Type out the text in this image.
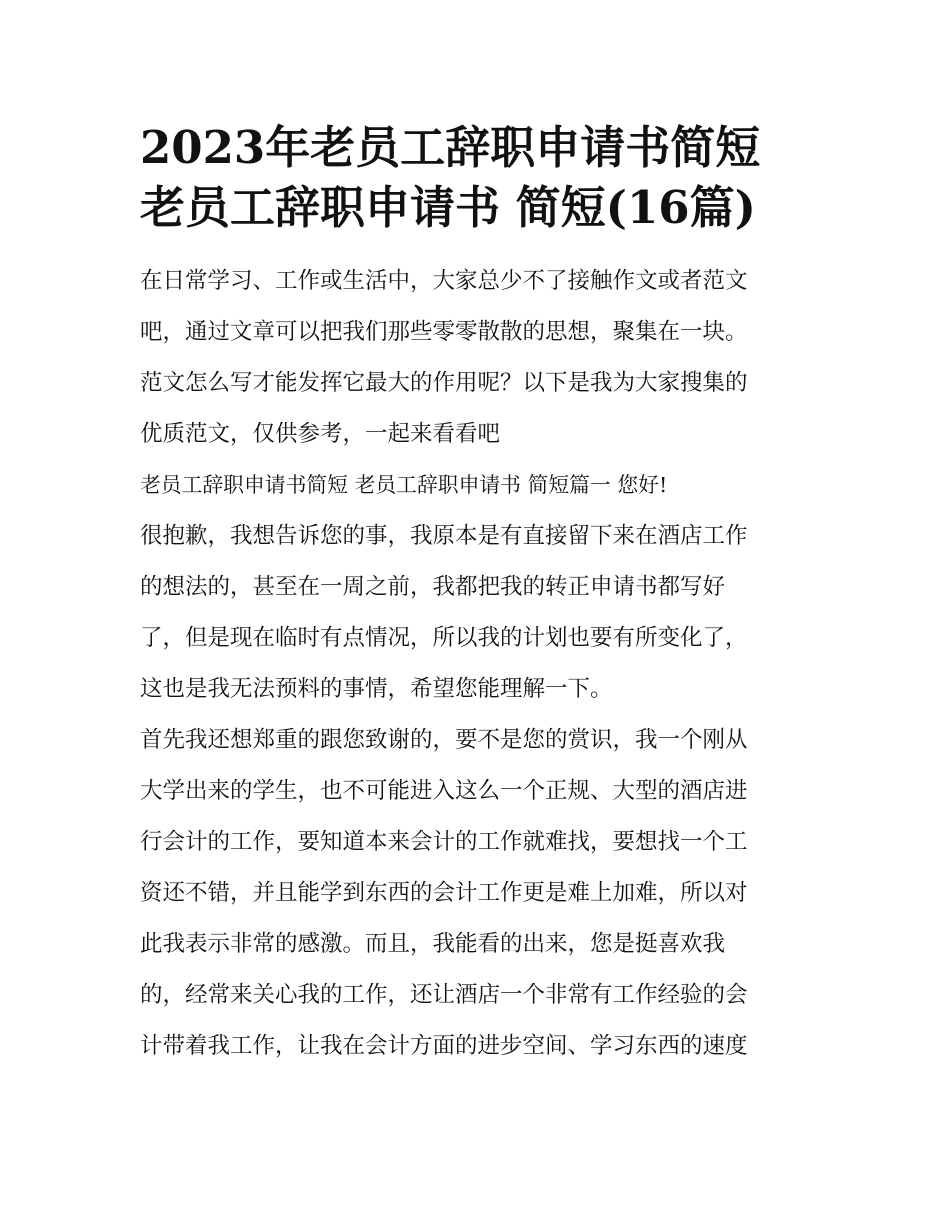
2023年老员工辞职申请书简短
老员工辞职申请书 简短(16篇)
在日常学习、工作或生活中，大家总少不了接触作文或者范文
吧，通过文章可以把我们那些零零散散的思想，聚集在一块。
范文怎么写才能发挥它最大的作用呢？以下是我为大家搜集的
优质范文，仅供参考，一起来看看吧
老员工辞职申请书简短 老员工辞职申请书 简短篇一 您好!
很抱歉，我想告诉您的事，我原本是有直接留下来在酒店工作
的想法的，甚至在一周之前，我都把我的转正申请书都写好
了，但是现在临时有点情况，所以我的计划也要有所变化了，
这也是我无法预料的事情，希望您能理解一下。
首先我还想郑重的跟您致谢的，要不是您的赏识，我一个刚从
大学出来的学生，也不可能进入这么一个正规、大型的酒店进
行会计的工作，要知道本来会计的工作就难找，要想找一个工
资还不错，并且能学到东西的会计工作更是难上加难，所以对
此我表示非常的感激。而且，我能看的出来，您是挺喜欢我
的，经常来关心我的工作，还让酒店一个非常有工作经验的会
计带着我工作，让我在会计方面的进步空间、学习东西的速度
